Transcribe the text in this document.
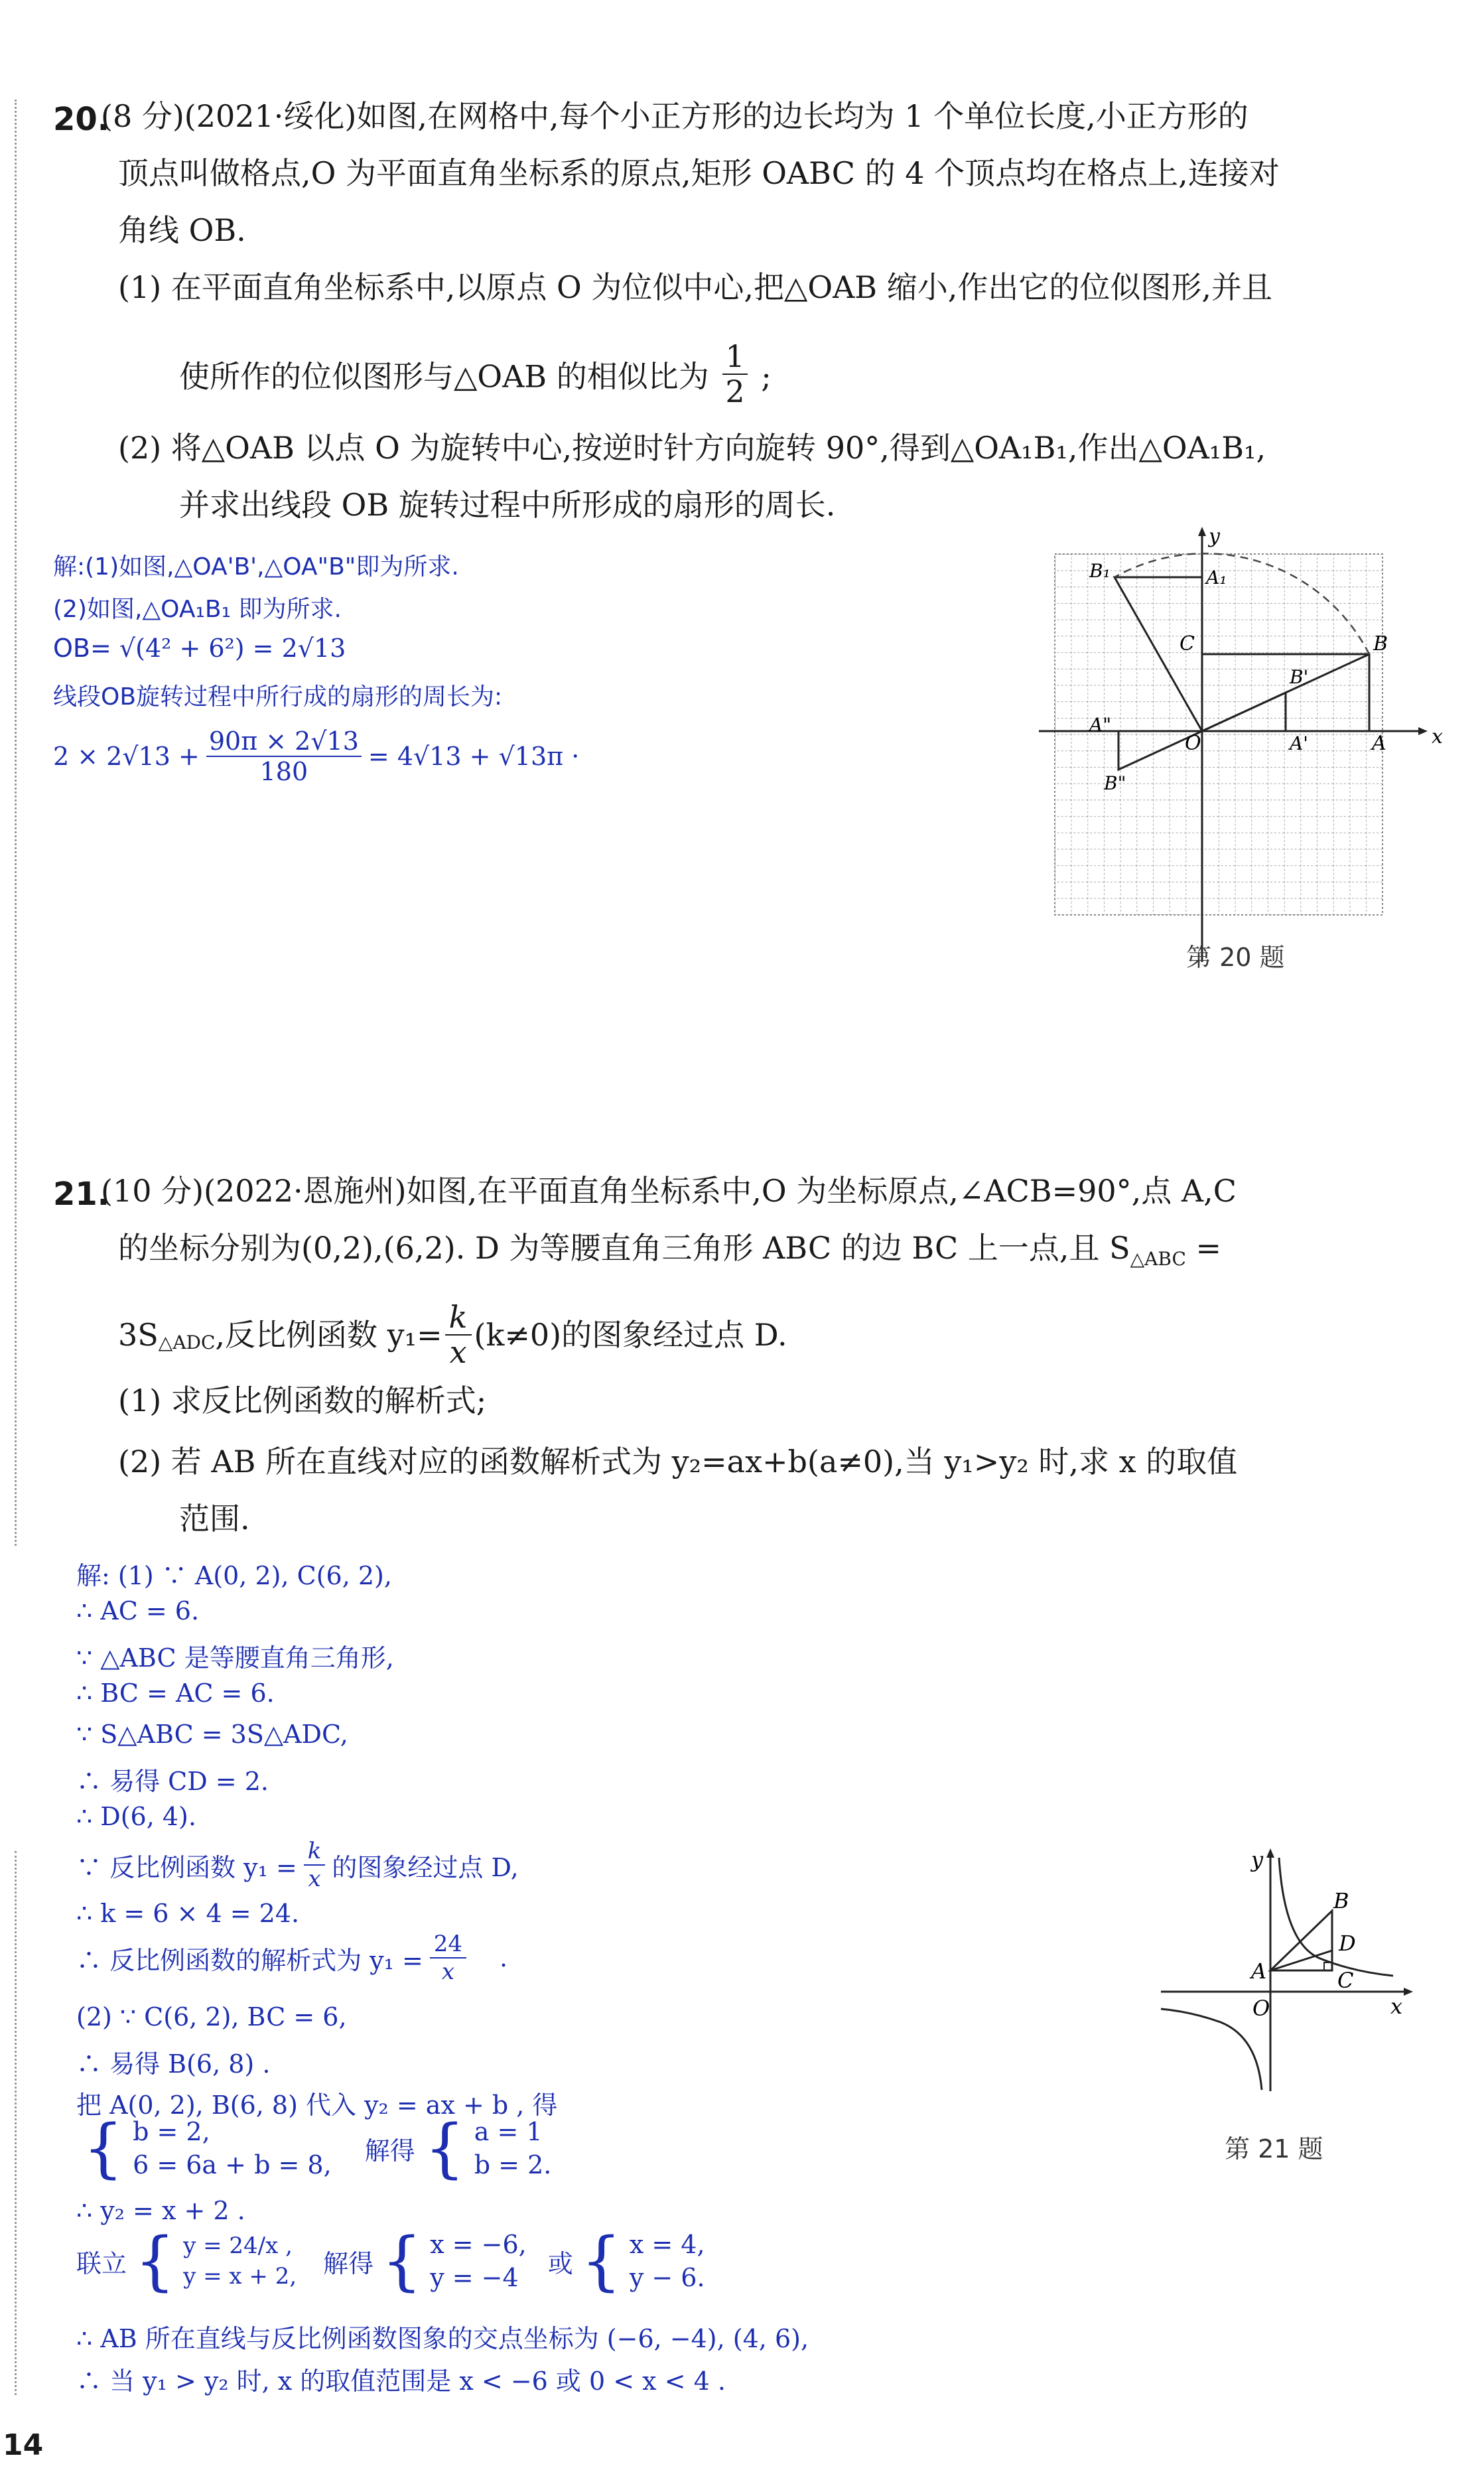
20.
(8 分)(2021·绥化)如图,在网格中,每个小正方形的边长均为 1 个单位长度,小正方形的
顶点叫做格点,O 为平面直角坐标系的原点,矩形 OABC 的 4 个顶点均在格点上,连接对
角线 OB.
(1) 在平面直角坐标系中,以原点 O 为位似中心,把△OAB 缩小,作出它的位似图形,并且
使所作的位似图形与△OAB 的相似比为 $\frac{1}{2}$ ;
(2) 将△OAB 以点 O 为旋转中心,按逆时针方向旋转 90°,得到△OA₁B₁,作出△OA₁B₁,
并求出线段 OB 旋转过程中所形成的扇形的周长.
解:(1)如图,△OA'B',△OA"B"即为所求.
(2)如图,△OA₁B₁ 即为所求.
OB= √(4² + 6²) = 2√13
线段OB旋转过程中所行成的扇形的周长为:
$2 \times 2√13 + \frac{90\pi \times 2√13}{180} = 4√13 + √13\pi$ ·
x
y
O	A
B
C
A₁
B₁
A'
B'
A"
B"
第 20 题
21.
(10 分)(2022·恩施州)如图,在平面直角坐标系中,O 为坐标原点,∠ACB=90°,点 A,C
的坐标分别为(0,2),(6,2). D 为等腰直角三角形 ABC 的边 BC 上一点,且 $S_{\triangle ABC}$ =
3S △ADC ,反比例函数 $y_1= \frac{k}{x} (k\ne 0)$的图象经过点 D.
(1) 求反比例函数的解析式;
(2) 若 AB 所在直线对应的函数解析式为 y₂=ax+b(a≠0),当 y₁>y₂ 时,求 x 的取值
范围.
解: (1) ∵ A(0, 2), C(6, 2),
∴ AC = 6.
∵ △ABC 是等腰直角三角形,
∴ BC = AC = 6.
∵ S△ABC = 3S△ADC,
∴ 易得 CD = 2.
∴ D(6, 4).
∵ 反比例函数 $y_1 = \frac{k}{x}$ 的图象经过点 D,
∴ k = 6 × 4 = 24.
∴ 反比例函数的解析式为 $y_1 = \frac{24}{x}$ .
(2) ∵ C(6, 2), BC = 6,
∴ 易得 B(6, 8) .
把 A(0, 2), B(6, 8) 代入 y₂ = ax + b , 得
{ b = 2,
6 = 6a + b = 8, 解得 { a = 1
b = 2.
∴ y₂ = x + 2 .
联立 { y = 24/x ,
y = x + 2, 解得 { x = −6,
y = −4	或 { x = 4,
y − 6.
∴ AB 所在直线与反比例函数图象的交点坐标为 (−6, −4), (4, 6),
∴ 当 y₁ > y₂ 时, x 的取值范围是 x < −6 或 0 < x < 4 .
x
y
O
A
B
C
D
第 21 题
14
